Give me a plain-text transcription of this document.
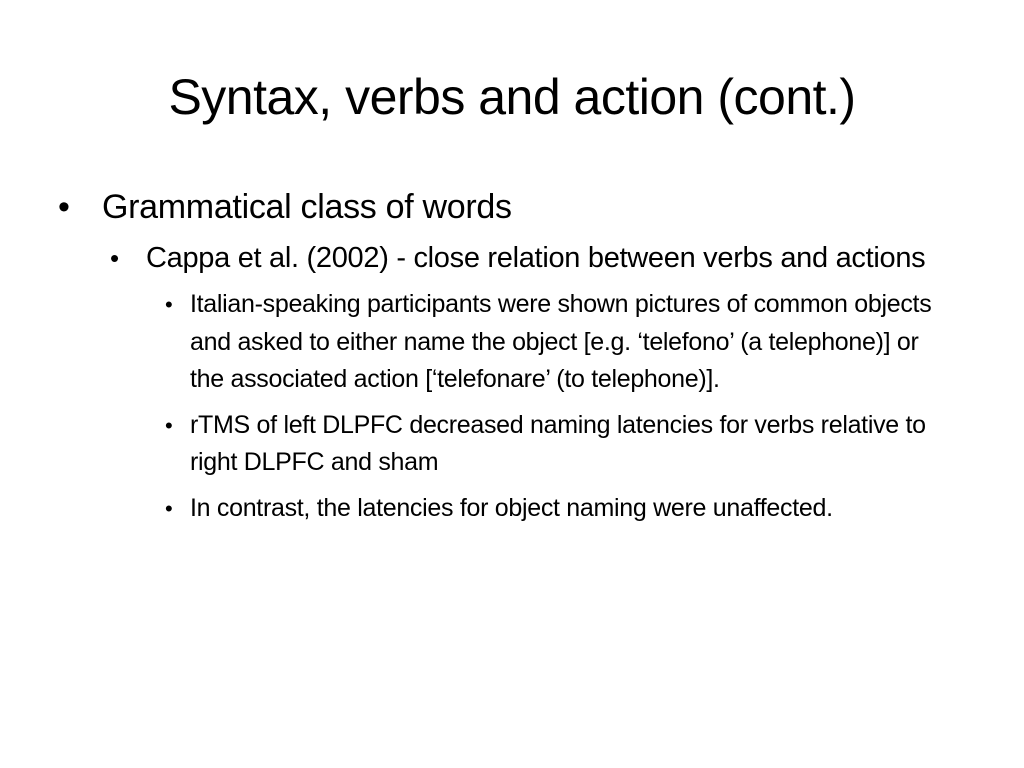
Syntax, verbs and action (cont.)
• Grammatical class of words
• Cappa et al. (2002) - close relation between verbs and actions
• Italian-speaking participants were shown pictures of common objects and asked to either name the object [e.g. ‘telefono’ (a telephone)] or the associated action [‘telefonare’ (to telephone)].
• rTMS of left DLPFC decreased naming latencies for verbs relative to right DLPFC and sham
• In contrast, the latencies for object naming were unaffected.
